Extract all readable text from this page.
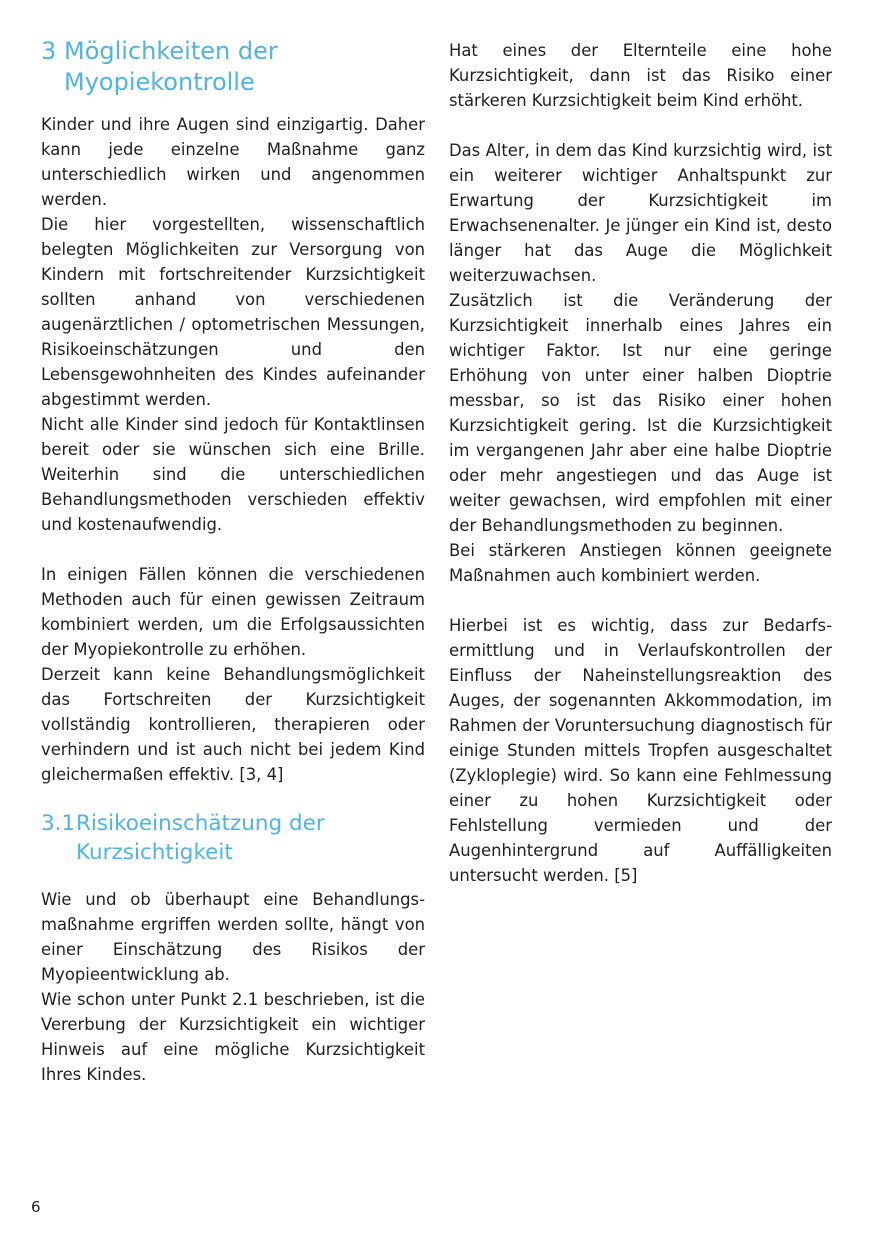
3 Möglichkeiten der Myopiekontrolle

Kinder und ihre Augen sind einzigartig. Daher kann jede einzelne Maßnahme ganz unterschiedlich wirken und angenommen werden.

Die hier vorgestellten, wissenschaftlich belegten Möglichkeiten zur Versorgung von Kindern mit fortschreitender Kurzsichtigkeit sollten anhand von verschiedenen augenärztlichen / optometrischen Messungen, Risikoeinschätzungen und den Lebensgewohnheiten des Kindes aufeinander abgestimmt werden.

Nicht alle Kinder sind jedoch für Kontaktlinsen bereit oder sie wünschen sich eine Brille. Weiterhin sind die unterschiedlichen Behandlungsmethoden verschieden effektiv und kostenaufwendig.

In einigen Fällen können die verschiedenen Methoden auch für einen gewissen Zeitraum kombiniert werden, um die Erfolgsaussichten der Myopiekontrolle zu erhöhen.

Derzeit kann keine Behandlungsmöglichkeit das Fortschreiten der Kurzsichtigkeit vollständig kontrollieren, therapieren oder verhindern und ist auch nicht bei jedem Kind gleichermaßen effektiv. [3, 4]

3.1 Risikoeinschätzung der Kurzsichtigkeit

Wie und ob überhaupt eine Behandlungsmaßnahme ergriffen werden sollte, hängt von einer Einschätzung des Risikos der Myopieentwicklung ab.

Wie schon unter Punkt 2.1 beschrieben, ist die Vererbung der Kurzsichtigkeit ein wichtiger Hinweis auf eine mögliche Kurzsichtigkeit Ihres Kindes.

Hat eines der Elternteile eine hohe Kurzsichtigkeit, dann ist das Risiko einer stärkeren Kurzsichtigkeit beim Kind erhöht.

Das Alter, in dem das Kind kurzsichtig wird, ist ein weiterer wichtiger Anhaltspunkt zur Erwartung der Kurzsichtigkeit im Erwachsenenalter. Je jünger ein Kind ist, desto länger hat das Auge die Möglichkeit weiterzuwachsen.

Zusätzlich ist die Veränderung der Kurzsichtigkeit innerhalb eines Jahres ein wichtiger Faktor. Ist nur eine geringe Erhöhung von unter einer halben Dioptrie messbar, so ist das Risiko einer hohen Kurzsichtigkeit gering. Ist die Kurzsichtigkeit im vergangenen Jahr aber eine halbe Dioptrie oder mehr angestiegen und das Auge ist weiter gewachsen, wird empfohlen mit einer der Behandlungsmethoden zu beginnen.

Bei stärkeren Anstiegen können geeignete Maßnahmen auch kombiniert werden.

Hierbei ist es wichtig, dass zur Bedarfsermittlung und in Verlaufskontrollen der Einfluss der Naheinstellungsreaktion des Auges, der sogenannten Akkommodation, im Rahmen der Voruntersuchung diagnostisch für einige Stunden mittels Tropfen ausgeschaltet (Zykloplegie) wird. So kann eine Fehlmessung einer zu hohen Kurzsichtigkeit oder Fehlstellung vermieden und der Augenhintergrund auf Auffälligkeiten untersucht werden. [5]

6
